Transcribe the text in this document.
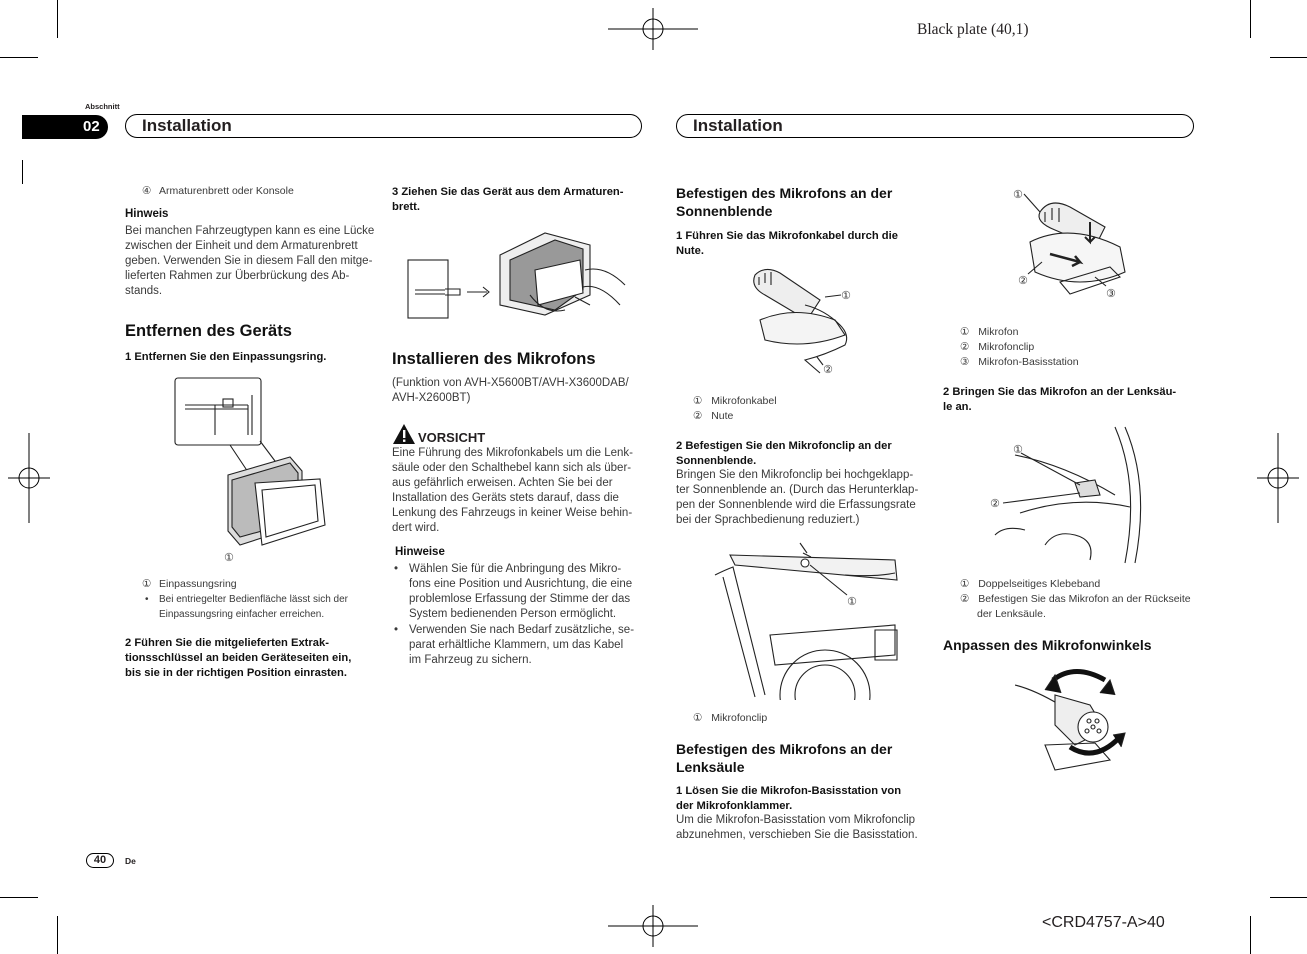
Black plate (40,1)
<CRD4757-A>40
Abschnitt
02 Installation	Installation
40	De
④ Armaturenbrett oder Konsole
Hinweis
Bei manchen Fahrzeugtypen kann es eine Lücke
zwischen der Einheit und dem Armaturenbrett
geben. Verwenden Sie in diesem Fall den mitge-
lieferten Rahmen zur Überbrückung des Ab-
stands.
Entfernen des Geräts
1 Entfernen Sie den Einpassungsring.
①
① Einpassungsring
• Bei entriegelter Bedienfläche lässt sich der
Einpassungsring einfacher erreichen.
2 Führen Sie die mitgelieferten Extrak-
tionsschlüssel an beiden Geräteseiten ein,
bis sie in der richtigen Position einrasten.
3 Ziehen Sie das Gerät aus dem Armaturen-
brett.
Installieren des Mikrofons
(Funktion von AVH-X5600BT/AVH-X3600DAB/
AVH-X2600BT)
VORSICHT
Eine Führung des Mikrofonkabels um die Lenk-
säule oder den Schalthebel kann sich als über-
aus gefährlich erweisen. Achten Sie bei der
Installation des Geräts stets darauf, dass die
Lenkung des Fahrzeugs in keiner Weise behin-
dert wird.
Hinweise
• Wählen Sie für die Anbringung des Mikro-
fons eine Position und Ausrichtung, die eine
problemlose Erfassung der Stimme der das
System bedienenden Person ermöglicht.
• Verwenden Sie nach Bedarf zusätzliche, se-
parat erhältliche Klammern, um das Kabel
im Fahrzeug zu sichern.
Befestigen des Mikrofons an der
Sonnenblende
1 Führen Sie das Mikrofonkabel durch die
Nute.
①
②
① Mikrofonkabel
② Nute
2 Befestigen Sie den Mikrofonclip an der
Sonnenblende.
Bringen Sie den Mikrofonclip bei hochgeklapp-
ter Sonnenblende an. (Durch das Herunterklap-
pen der Sonnenblende wird die Erfassungsrate
bei der Sprachbedienung reduziert.)
①
① Mikrofonclip
Befestigen des Mikrofons an der
Lenksäule
1 Lösen Sie die Mikrofon-Basisstation von
der Mikrofonklammer.
Um die Mikrofon-Basisstation vom Mikrofonclip
abzunehmen, verschieben Sie die Basisstation.
①
②
③
① Mikrofon
② Mikrofonclip
③ Mikrofon-Basisstation
2 Bringen Sie das Mikrofon an der Lenksäu-
le an.
①
②
① Doppelseitiges Klebeband
② Befestigen Sie das Mikrofon an der Rückseite
der Lenksäule.
Anpassen des Mikrofonwinkels
